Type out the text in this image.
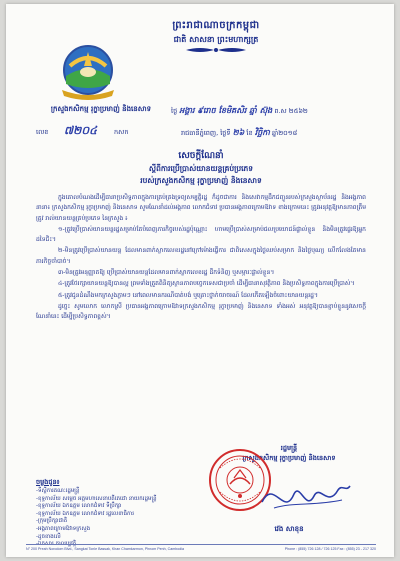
ព្រះរាជាណាចក្រកម្ពុជា
ជាតិ សាសនា ព្រះមហាក្សត្រ
ក្រសួងកសិកម្ម រុក្ខាប្រមាញ់ និងនេសាទ
លេខ ៧២០៤	កសក
ថ្ងៃ អង្គារ ៩រោច ខែមិគសិរ ឆ្នាំ ស៊ុង ព.ស ២៥៦២
រាជធានីភ្នំពេញ, ថ្ងៃទី ២៦ ខែ វិច្ឆិកា ឆ្នាំ២០១៨
សេចក្តីណែនាំ
ស្តីពីការប្រើប្រាស់យានយន្តគ្រប់ប្រភេទ
របស់ក្រសួងកសិកម្ម រុក្ខាប្រមាញ់ និងនេសាទ

ក្នុងគោលបំណងដើម្បីធានាប្រសិទ្ធភាពក្នុងការគ្រប់គ្រងទ្រព្យសម្បត្តិរដ្ឋ ក៏ដូចជាការ និងសេវាកម្មដឹកជញ្ជូនរបស់ក្រសួងស្ថាប័នរដ្ឋ និងអង្គភាពនានា៖ ក្រសួងកសិកម្ម រុក្ខាប្រមាញ់ និងនេសាទ សូមណែនាំដល់អង្គភាព លោកជំទាវ ប្រធានអង្គភាពក្រោមឱវាទ ខាងក្រោមនេះ ត្រូវអនុវត្តឱ្យមានភាពត្រឹមត្រូវ រាល់យានយន្តគ្រប់ប្រភេទ នៃក្រសួង ៖

១-ត្រូវប្រើប្រាស់យានយន្តរដ្ឋសម្រាប់តែបំពេញភារកិច្ចរបស់រដ្ឋប៉ុណ្ណោះ ហាមប្រើប្រាស់សម្រាប់ផលប្រយោជន៍ផ្ទាល់ខ្លួន និងមិនត្រូវផ្ទេរឱ្យអ្នកដទៃជិះ។

២-មិនត្រូវប្រើប្រាស់យានយន្ត ដែលមានពាក់ស្លាកលេខរដ្ឋនៅក្រៅម៉ោងធ្វើការ ជាពិសេសក្នុងថ្ងៃឈប់សម្រាក និងថ្ងៃបុណ្យ លើកលែងតែមានភារកិច្ចចាំបាច់។

៣-មិនត្រូវអនុញ្ញាតឱ្យ ប្រើប្រាស់យានយន្តដែលមានពាក់ស្លាកលេខរដ្ឋ ដឹកទំនិញ ឬសម្ភារៈផ្ទាល់ខ្លួន។

៤-ត្រូវថែរក្សាយានយន្តឱ្យបានល្អ ព្រមទាំងត្រួតពិនិត្យស្ថានភាពបច្ចេកទេសជាប្រចាំ ដើម្បីធានាសុវត្ថិភាព និងប្រសិទ្ធភាពក្នុងការប្រើប្រាស់។

៥-ត្រូវជូនដំណឹងមកក្រសួងភ្លាមៗ នៅពេលមានករណីបាត់បង់ ឬគ្រោះថ្នាក់ចរាចរណ៍ ដែលកើតឡើងចំពោះយានយន្តរដ្ឋ។

ដូច្នេះ សូមលោក លោកស្រី ប្រធានអង្គភាពក្រោមឱវាទក្រសួងកសិកម្ម រុក្ខាប្រមាញ់ និងនេសាទ ទាំងអស់ អនុវត្តឱ្យបានខ្ជាប់ខ្ជួននូវសេចក្តីណែនាំនេះ ដើម្បីប្រសិទ្ធភាពខ្ពស់។

ចម្លងជូន៖
-ទីស្តីការគណៈរដ្ឋមន្ត្រី
-ខុទ្ទកាល័យ សម្តេច អគ្គមហាសេនាបតីតេជោ នាយករដ្ឋមន្ត្រី
-ខុទ្ទកាល័យ ឯកឧត្តម លោកជំទាវ ទីប្រឹក្សា
-ខុទ្ទកាល័យ ឯកឧត្តម លោកជំទាវ រដ្ឋលេខាធិការ
-ក្រុមប្រឹក្សាជាតិ
-អង្គភាពក្រោមឱវាទក្រសួង
-ដូចខាងលើ
រដ្ឋមន្ត្រី
ក្រសួងកសិកម្ម រុក្ខាប្រមាញ់ និងនេសាទ
វេង សាខុន
N° 200 Preah Norodom Blvd., Sangkat Tonle Bassak, Khan Chamkarmon, Phnom Penh, Cambodia	Phone : (855) 726 128 / 726 125 Fax : (855) 23 - 217 320
